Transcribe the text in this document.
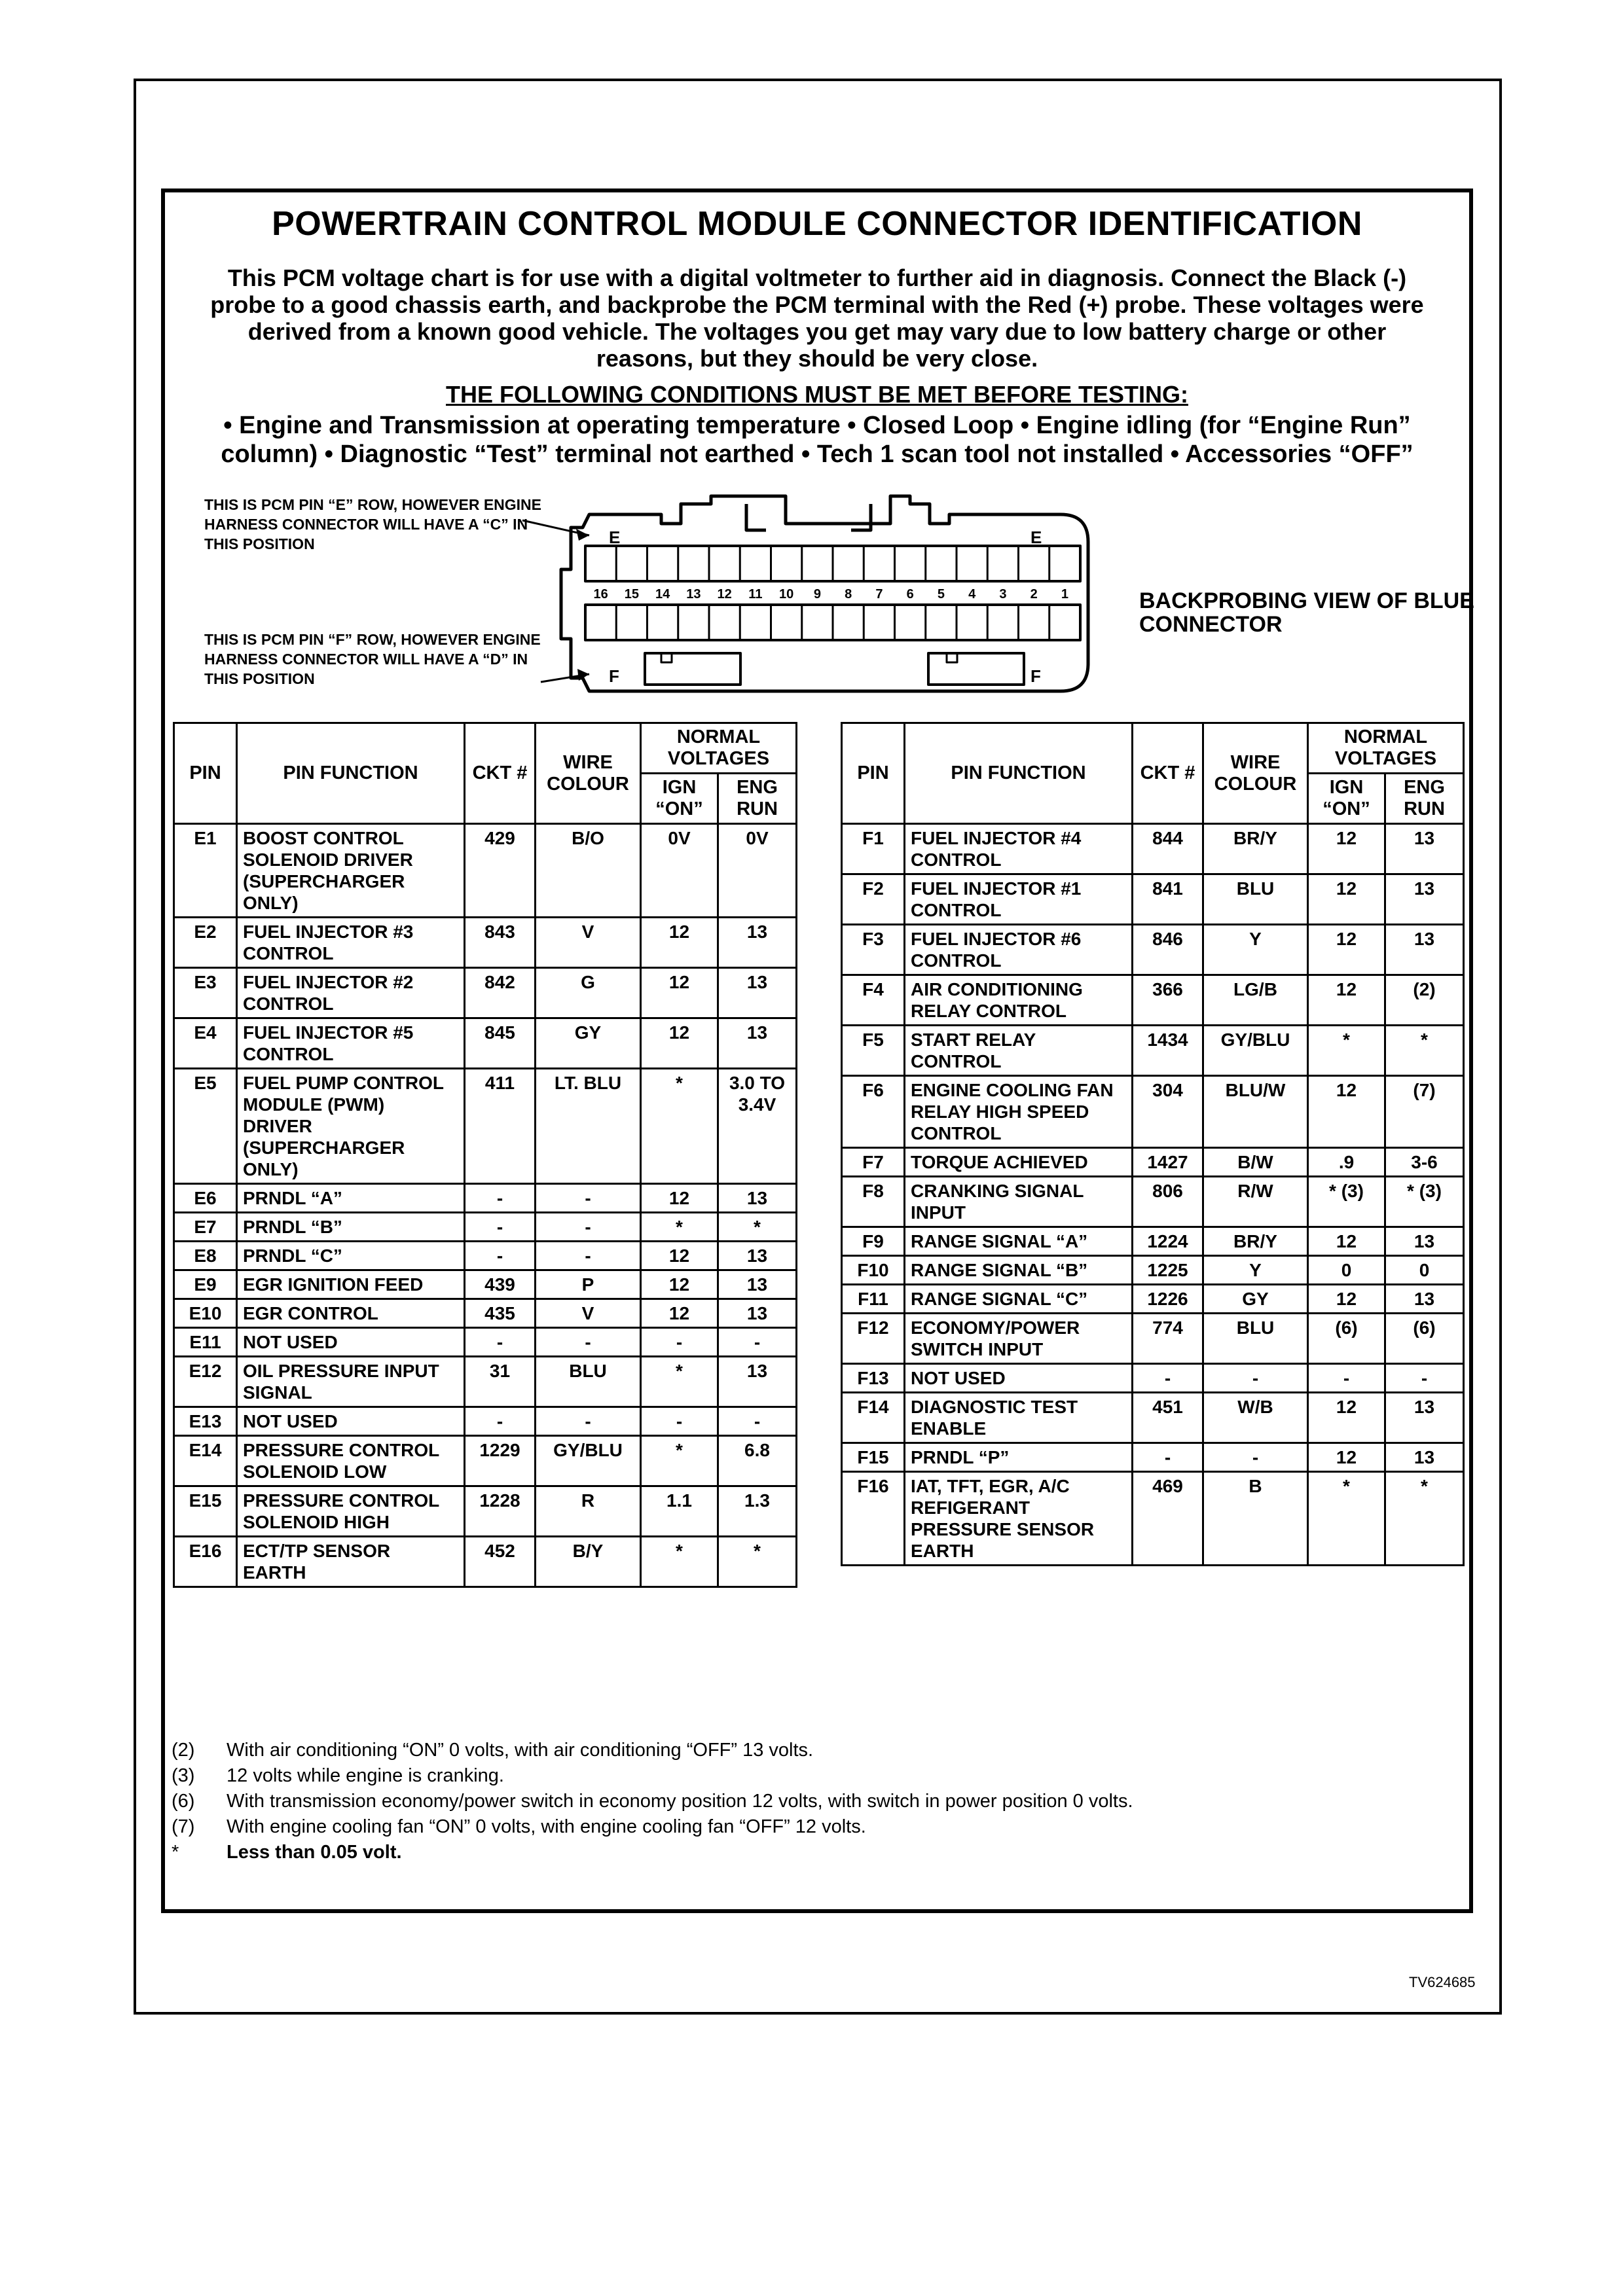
POWERTRAIN CONTROL MODULE CONNECTOR IDENTIFICATION

This PCM voltage chart is for use with a digital voltmeter to further aid in diagnosis. Connect the Black (-) probe to a good chassis earth, and backprobe the PCM terminal with the Red (+) probe. These voltages were derived from a known good vehicle. The voltages you get may vary due to low battery charge or other reasons, but they should be very close.

THE FOLLOWING CONDITIONS MUST BE MET BEFORE TESTING:

• Engine and Transmission at operating temperature • Closed Loop • Engine idling (for “Engine Run” column) • Diagnostic “Test” terminal not earthed • Tech 1 scan tool not installed • Accessories “OFF”

THIS IS PCM PIN “E” ROW, HOWEVER ENGINE HARNESS CONNECTOR WILL HAVE A “C” IN THIS POSITION

THIS IS PCM PIN “F” ROW, HOWEVER ENGINE HARNESS CONNECTOR WILL HAVE A “D” IN THIS POSITION

E	E
F	F
16 15 14 13 12 11 10 9 8 7 6 5 4 3 2 1	BACKPROBING VIEW OF BLUE CONNECTOR

PIN	PIN FUNCTION	CKT #	WIRE COLOUR	NORMAL VOLTAGES	
				IGN “ON”	ENG RUN
E1	BOOST CONTROL SOLENOID DRIVER (SUPERCHARGER ONLY)	429	B/O	0V	0V
E2	FUEL INJECTOR #3 CONTROL	843	V	12	13
E3	FUEL INJECTOR #2 CONTROL	842	G	12	13
E4	FUEL INJECTOR #5 CONTROL	845	GY	12	13
E5	FUEL PUMP CONTROL MODULE (PWM) DRIVER (SUPERCHARGER ONLY)	411	LT. BLU	*	3.0 TO 3.4V
E6	PRNDL “A”	-	-	12	13
E7	PRNDL “B”	-	-	*	*
E8	PRNDL “C”	-	-	12	13
E9	EGR IGNITION FEED	439	P	12	13
E10	EGR CONTROL	435	V	12	13
E11	NOT USED	-	-	-	-
E12	OIL PRESSURE INPUT SIGNAL	31	BLU	*	13
E13	NOT USED	-	-	-	-
E14	PRESSURE CONTROL SOLENOID LOW	1229	GY/BLU	*	6.8
E15	PRESSURE CONTROL SOLENOID HIGH	1228	R	1.1	1.3
E16	ECT/TP SENSOR EARTH	452	B/Y	*	*
PIN	PIN FUNCTION	CKT #	WIRE COLOUR	NORMAL VOLTAGES	
				IGN “ON”	ENG RUN
F1	FUEL INJECTOR #4 CONTROL	844	BR/Y	12	13
F2	FUEL INJECTOR #1 CONTROL	841	BLU	12	13
F3	FUEL INJECTOR #6 CONTROL	846	Y	12	13
F4	AIR CONDITIONING RELAY CONTROL	366	LG/B	12	(2)
F5	START RELAY CONTROL	1434	GY/BLU	*	*
F6	ENGINE COOLING FAN RELAY HIGH SPEED CONTROL	304	BLU/W	12	(7)
F7	TORQUE ACHIEVED	1427	B/W	.9	3-6
F8	CRANKING SIGNAL INPUT	806	R/W	* (3)	* (3)
F9	RANGE SIGNAL “A”	1224	BR/Y	12	13
F10	RANGE SIGNAL “B”	1225	Y	0	0
F11	RANGE SIGNAL “C”	1226	GY	12	13
F12	ECONOMY/POWER SWITCH INPUT	774	BLU	(6)	(6)
F13	NOT USED	-	-	-	-
F14	DIAGNOSTIC TEST ENABLE	451	W/B	12	13
F15	PRNDL “P”	-	-	12	13
F16	IAT, TFT, EGR, A/C REFIGERANT PRESSURE SENSOR EARTH	469	B	*	*
(2)	With air conditioning “ON” 0 volts, with air conditioning “OFF” 13 volts.
(3)	12 volts while engine is cranking.
(6)	With transmission economy/power switch in economy position 12 volts, with switch in power position 0 volts.
(7)	With engine cooling fan “ON” 0 volts, with engine cooling fan “OFF” 12 volts.
*	Less than 0.05 volt.

TV624685
